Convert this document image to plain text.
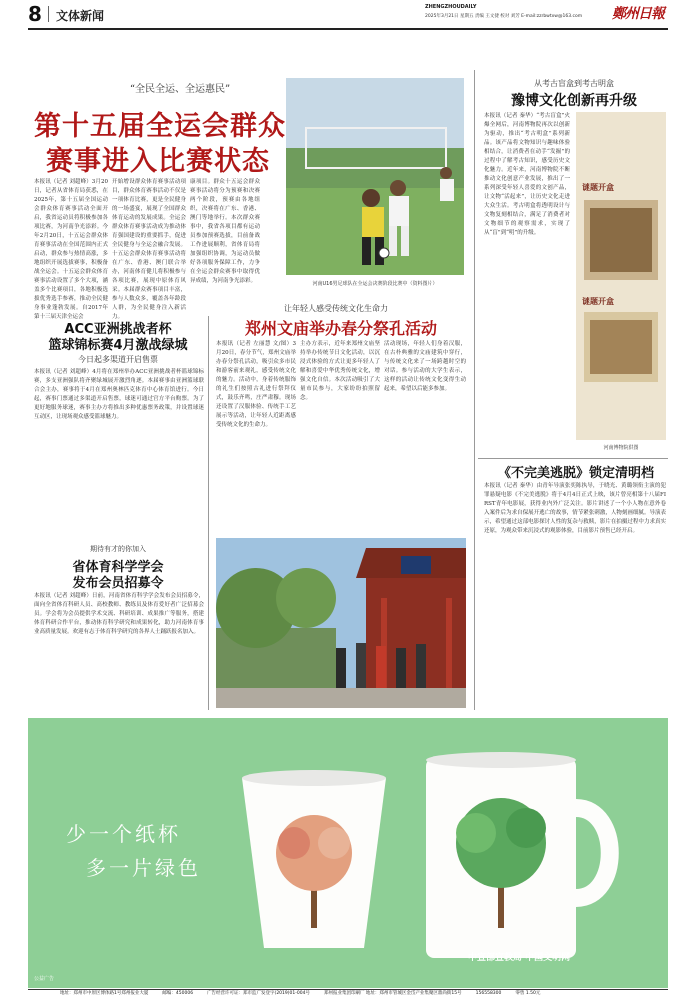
8 文体新闻
ZHENGZHOUDAILY
2025年3月21日 星期五 责编 王文捷 校对 刘芳 E-mail:zzrbwtxw@163.com 鄭州日報
“全民全运、全运惠民”
第十五届全运会群众
赛事进入比赛状态
本报讯（记者 刘超峰）3月20日，记者从省体育局获悉，在2025年，第十五届全国运动会群众体育赛事活动全面开启，我省运动员将积极参加各项比赛，为河南争光添彩。今年2月20日，十五运会群众体育赛事活动在全国范围内正式启动，群众参与热情高涨，多地组织开展选拔赛事，积极备战全运会。十五运会群众体育赛事活动设置了多个大项，涵盖多个比赛项目，各地积极选拔优秀选手参赛，推动全民健身事业蓬勃发展。自2017年第十三届天津全运会
开始增设群众体育赛事活动项目，群众体育赛事活动不仅是一项体育比赛，更是全民健身的一场盛宴，展现了全国群众体育运动的发展成果。全运会群众体育赛事活动成为推动体育强国建设的重要抓手，促进全民健身与全运会融合发展。十五运会群众体育赛事活动将在广东、香港、澳门联合举办，河南体育健儿将积极参与各项比赛，展现中原体育风采。本届群众赛事项目丰富，参与人数众多，覆盖各年龄段人群，为全民健身注入新活力。
康项目。群众十五运会群众赛事活动将分为预赛和决赛两个阶段，预赛由各地组织，决赛将在广东、香港、澳门等地举行。本次群众赛事中，我省各项目都有运动员参加预赛选拔，目前备战工作进展顺利，省体育局将加强组织协调，为运动员做好各项服务保障工作，力争在全运会群众赛事中取得优异成绩，为河南争光添彩。	河南U16男足球队在全运会决赛阶段比赛中（资料图片）
ACC亚洲挑战者杯
篮球锦标赛4月激战绿城
今日起多渠道开启售票
本报讯（记者 刘超峰）4月将在郑州举办ACC亚洲挑战者杯篮球锦标赛，多支亚洲强队将齐聚绿城展开激烈角逐。本届赛事由亚洲篮球联合会主办，赛事将于4月在郑州奥林匹克体育中心体育馆进行。今日起，赛事门票通过多渠道开启售票，球迷可通过官方平台购票。为了更好地服务球迷，赛事主办方将推出多种优惠票务政策，并设置球迷互动区，让现场观众感受篮球魅力。
期待有才的你加入
省体育科学学会
发布会员招募令
本报讯（记者 刘超峰）日前，河南省体育科学学会发布会员招募令，面向全省体育科研人员、高校教师、教练员及体育爱好者广泛招募会员。学会将为会员提供学术交流、科研培训、成果推广等服务，搭建体育科研合作平台，推动体育科学研究和成果转化，助力河南体育事业高质量发展。欢迎有志于体育科学研究的各界人士踊跃报名加入。
让年轻人感受传统文化生命力
郑州文庙举办春分祭孔活动
本报讯（记者 左丽慧 文/图）3月20日，春分节气，郑州文庙举办春分祭孔活动，吸引众多市民和游客前来观礼，感受传统文化的魅力。活动中，身着传统服饰的礼生们按照古礼进行祭拜仪式，鼓乐齐鸣，庄严肃穆。现场还设置了汉服体验、传统手工艺展示等活动，让年轻人近距离感受传统文化的生命力。
主办方表示，近年来郑州文庙坚持举办传统节日文化活动，以沉浸式体验的方式让更多年轻人了解和喜爱中华优秀传统文化，增强文化自信。本次活动吸引了大量市民参与，大家纷纷拍照留念。
活动现场，年轻人们身着汉服，在古朴典雅的文庙建筑中穿行，与传统文化来了一场跨越时空的对话。参与活动的大学生表示，这样的活动让传统文化变得生动起来，希望以后能多参加。
从考古盲盒到考古明盒
豫博文化创新再升级
本报讯（记者 秦华）“考古盲盒”火爆全网后，河南博物院再次以创新为驱动，推出“考古明盒”系列新品。该产品将文物知识与趣味体验相结合，让消费者在动手“发掘”的过程中了解考古知识，感受历史文化魅力。近年来，河南博物院不断推动文化创意产业发展，推出了一系列深受年轻人喜爱的文创产品，让文物“活起来”，让历史文化走进大众生活。考古明盒将透明设计与文物复刻相结合，满足了消费者对文物细节的观察需求，实现了从“盲”到“明”的升级。
谜题开盒
谜题开盒
河南博物院供图
《不完美逃脱》锁定清明档
本报讯（记者 秦华）由青年导演张奕陈执导，于晓光、黄璐领衔主演的犯罪悬疑电影《不完美逃脱》将于4月4日正式上映，该片曾亮相第十八届FIRST青年电影展，获得业内外广泛关注。影片讲述了一个小人物在意外卷入案件后为求自保展开逃亡的故事，情节紧张刺激，人物刻画细腻。导演表示，希望通过这部电影探讨人性的复杂与救赎，影片在拍摄过程中力求真实还原，为观众带来沉浸式的观影体验，目前影片预售已经开启。
少一个纸杯
多一片绿色
中宣部宣教局 中国文明网
公益广告
地址：郑州市中原区博体路1号郑州报业大厦	邮编：450006	广告经营许可证：郑市监广发登字(2019)01-004号	郑州报业集团印刷厂 地址：郑州市管城区金岱产业集聚区鼎尚街15号	156558300	零售 1.50元
